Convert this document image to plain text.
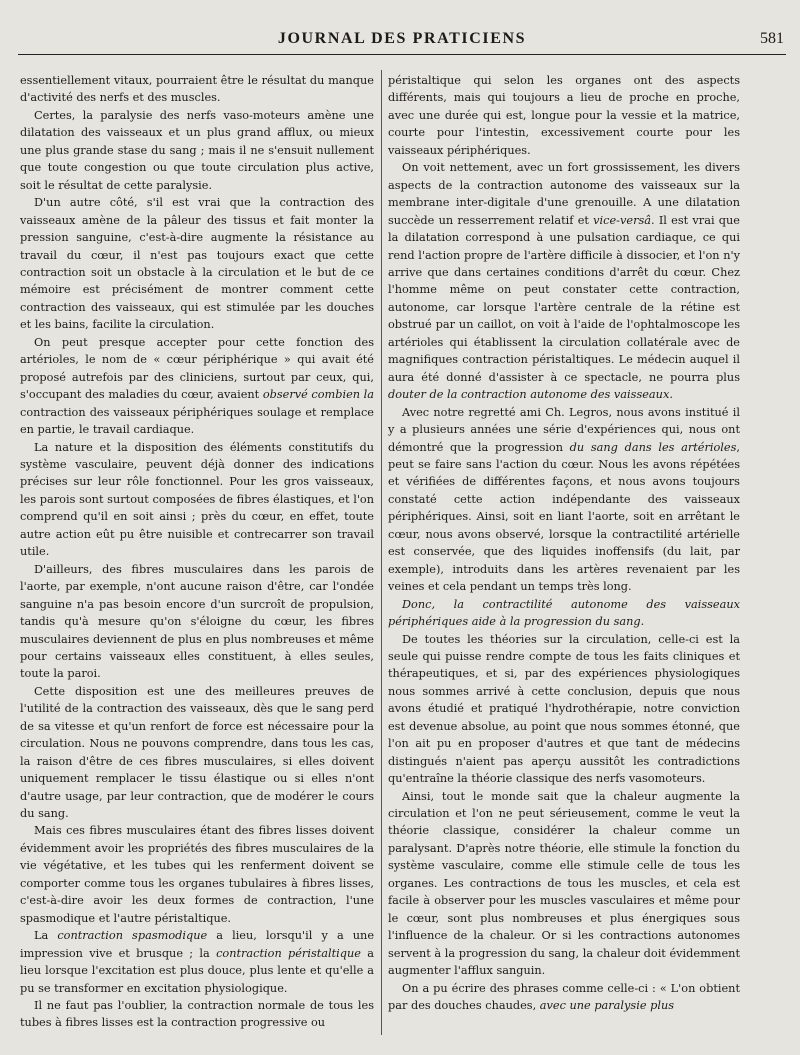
JOURNAL DES PRATICIENS	581

essentiellement vitaux, pourraient être le résultat du manque d'activité des nerfs et des muscles.

Certes, la paralysie des nerfs vaso-moteurs amène une dilatation des vaisseaux et un plus grand afflux, ou mieux une plus grande stase du sang ; mais il ne s'ensuit nullement que toute congestion ou que toute circulation plus active, soit le résultat de cette paralysie.

D'un autre côté, s'il est vrai que la contraction des vaisseaux amène de la pâleur des tissus et fait monter la pression sanguine, c'est-à-dire augmente la résistance au travail du cœur, il n'est pas toujours exact que cette contraction soit un obstacle à la circulation et le but de ce mémoire est précisément de montrer comment cette contraction des vaisseaux, qui est stimulée par les douches et les bains, facilite la circulation.

On peut presque accepter pour cette fonction des artérioles, le nom de « cœur périphérique » qui avait été proposé autrefois par des cliniciens, surtout par ceux, qui, s'occupant des maladies du cœur, avaient observé combien la contraction des vaisseaux périphériques soulage et remplace en partie, le travail cardiaque.

La nature et la disposition des éléments constitutifs du système vasculaire, peuvent déjà donner des indications précises sur leur rôle fonctionnel. Pour les gros vaisseaux, les parois sont surtout composées de fibres élastiques, et l'on comprend qu'il en soit ainsi ; près du cœur, en effet, toute autre action eût pu être nuisible et contrecarrer son travail utile.

D'ailleurs, des fibres musculaires dans les parois de l'aorte, par exemple, n'ont aucune raison d'être, car l'ondée sanguine n'a pas besoin encore d'un surcroît de propulsion, tandis qu'à mesure qu'on s'éloigne du cœur, les fibres musculaires deviennent de plus en plus nombreuses et même pour certains vaisseaux elles constituent, à elles seules, toute la paroi.

Cette disposition est une des meilleures preuves de l'utilité de la contraction des vaisseaux, dès que le sang perd de sa vitesse et qu'un renfort de force est nécessaire pour la circulation. Nous ne pouvons comprendre, dans tous les cas, la raison d'être de ces fibres musculaires, si elles doivent uniquement remplacer le tissu élastique ou si elles n'ont d'autre usage, par leur contraction, que de modérer le cours du sang.

Mais ces fibres musculaires étant des fibres lisses doivent évidemment avoir les propriétés des fibres musculaires de la vie végétative, et les tubes qui les renferment doivent se comporter comme tous les organes tubulaires à fibres lisses, c'est-à-dire avoir les deux formes de contraction, l'une spasmodique et l'autre péristaltique.

La contraction spasmodique a lieu, lorsqu'il y a une impression vive et brusque ; la contraction péristaltique a lieu lorsque l'excitation est plus douce, plus lente et qu'elle a pu se transformer en excitation physiologique.

Il ne faut pas l'oublier, la contraction normale de tous les tubes à fibres lisses est la contraction progressive ou

péristaltique qui selon les organes ont des aspects différents, mais qui toujours a lieu de proche en proche, avec une durée qui est, longue pour la vessie et la matrice, courte pour l'intestin, excessivement courte pour les vaisseaux périphériques.

On voit nettement, avec un fort grossissement, les divers aspects de la contraction autonome des vaisseaux sur la membrane inter-digitale d'une grenouille. A une dilatation succède un resserrement relatif et vice-versâ. Il est vrai que la dilatation correspond à une pulsation cardiaque, ce qui rend l'action propre de l'artère difficile à dissocier, et l'on n'y arrive que dans certaines conditions d'arrêt du cœur. Chez l'homme même on peut constater cette contraction, autonome, car lorsque l'artère centrale de la rétine est obstrué par un caillot, on voit à l'aide de l'ophtalmoscope les artérioles qui établissent la circulation collatérale avec de magnifiques contraction péristaltiques. Le médecin auquel il aura été donné d'assister à ce spectacle, ne pourra plus douter de la contraction autonome des vaisseaux.

Avec notre regretté ami Ch. Legros, nous avons institué il y a plusieurs années une série d'expériences qui, nous ont démontré que la progression du sang dans les artérioles, peut se faire sans l'action du cœur. Nous les avons répétées et vérifiées de différentes façons, et nous avons toujours constaté cette action indépendante des vaisseaux périphériques. Ainsi, soit en liant l'aorte, soit en arrêtant le cœur, nous avons observé, lorsque la contractilité artérielle est conservée, que des liquides inoffensifs (du lait, par exemple), introduits dans les artères revenaient par les veines et cela pendant un temps très long.

Donc, la contractilité autonome des vaisseaux périphériques aide à la progression du sang.

De toutes les théories sur la circulation, celle-ci est la seule qui puisse rendre compte de tous les faits cliniques et thérapeutiques, et si, par des expériences physiologiques nous sommes arrivé à cette conclusion, depuis que nous avons étudié et pratiqué l'hydrothérapie, notre conviction est devenue absolue, au point que nous sommes étonné, que l'on ait pu en proposer d'autres et que tant de médecins distingués n'aient pas aperçu aussitôt les contradictions qu'entraîne la théorie classique des nerfs vasomoteurs.

Ainsi, tout le monde sait que la chaleur augmente la circulation et l'on ne peut sérieusement, comme le veut la théorie classique, considérer la chaleur comme un paralysant. D'après notre théorie, elle stimule la fonction du système vasculaire, comme elle stimule celle de tous les organes. Les contractions de tous les muscles, et cela est facile à observer pour les muscles vasculaires et même pour le cœur, sont plus nombreuses et plus énergiques sous l'influence de la chaleur. Or si les contractions autonomes servent à la progression du sang, la chaleur doit évidemment augmenter l'afflux sanguin.

On a pu écrire des phrases comme celle-ci : « L'on obtient par des douches chaudes, avec une paralysie plus
